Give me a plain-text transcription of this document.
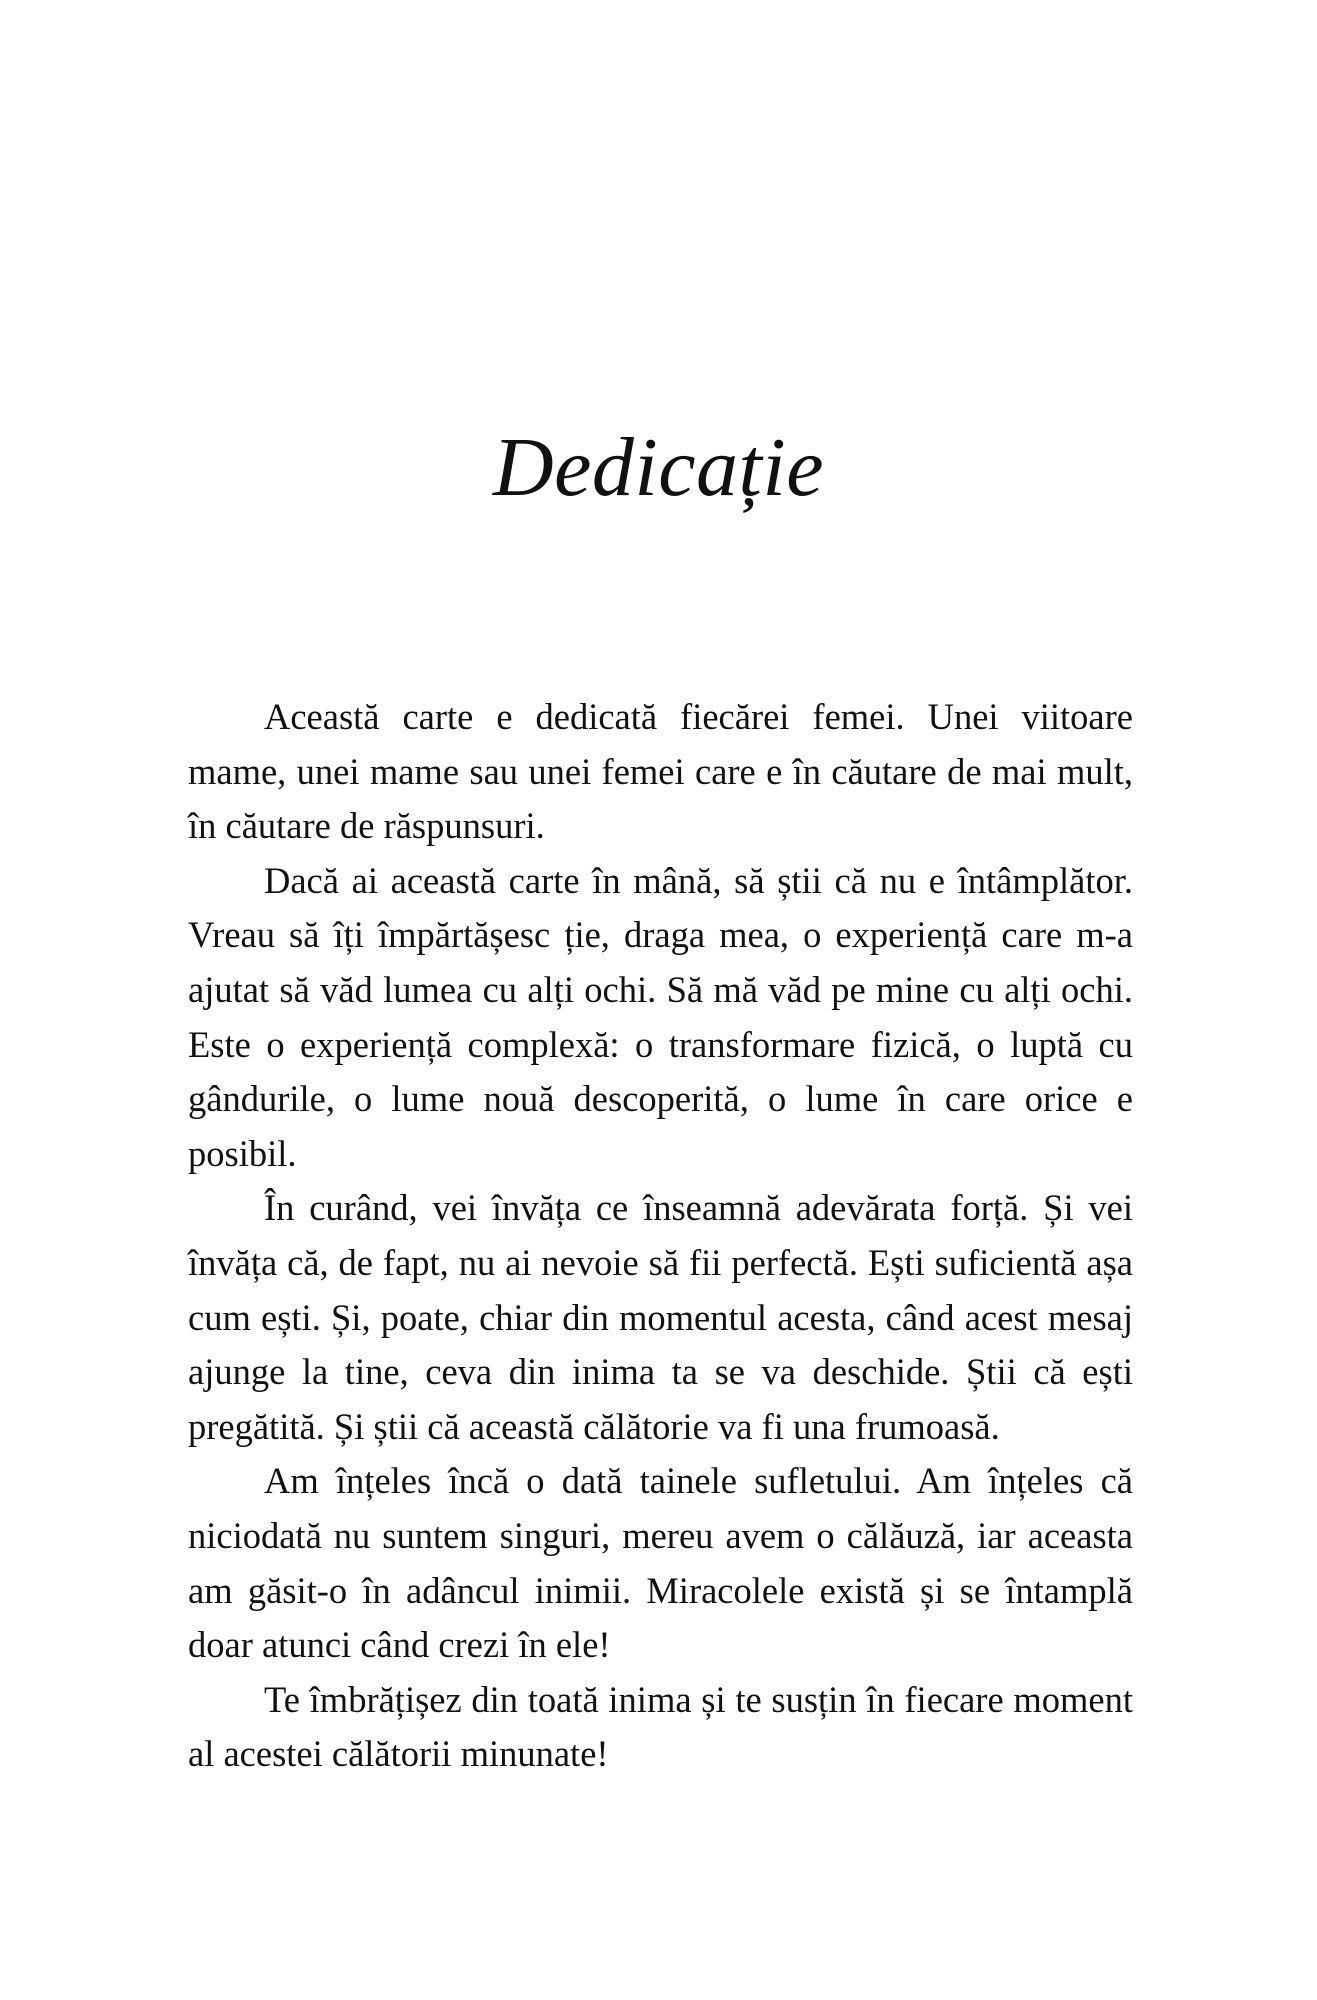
Dedicație

Această carte e dedicată fiecărei femei. Unei viitoare mame, unei mame sau unei femei care e în căutare de mai mult, în căutare de răspunsuri.

Dacă ai această carte în mână, să știi că nu e întâmplător. Vreau să îți împărtășesc ție, draga mea, o experiență care m-a ajutat să văd lumea cu alți ochi. Să mă văd pe mine cu alți ochi. Este o experiență complexă: o transformare fizică, o luptă cu gândurile, o lume nouă descoperită, o lume în care orice e posibil.

În curând, vei învăța ce înseamnă adevărata forță. Și vei învăța că, de fapt, nu ai nevoie să fii perfectă. Ești suficientă așa cum ești. Și, poate, chiar din momentul acesta, când acest mesaj ajunge la tine, ceva din inima ta se va deschide. Știi că ești pregătită. Și știi că această călătorie va fi una frumoasă.

Am înțeles încă o dată tainele sufletului. Am înțeles că niciodată nu suntem singuri, mereu avem o călăuză, iar aceasta am găsit-o în adâncul inimii. Miracolele există și se întamplă doar atunci când crezi în ele!

Te îmbrățișez din toată inima și te susțin în fiecare moment al acestei călătorii minunate!
